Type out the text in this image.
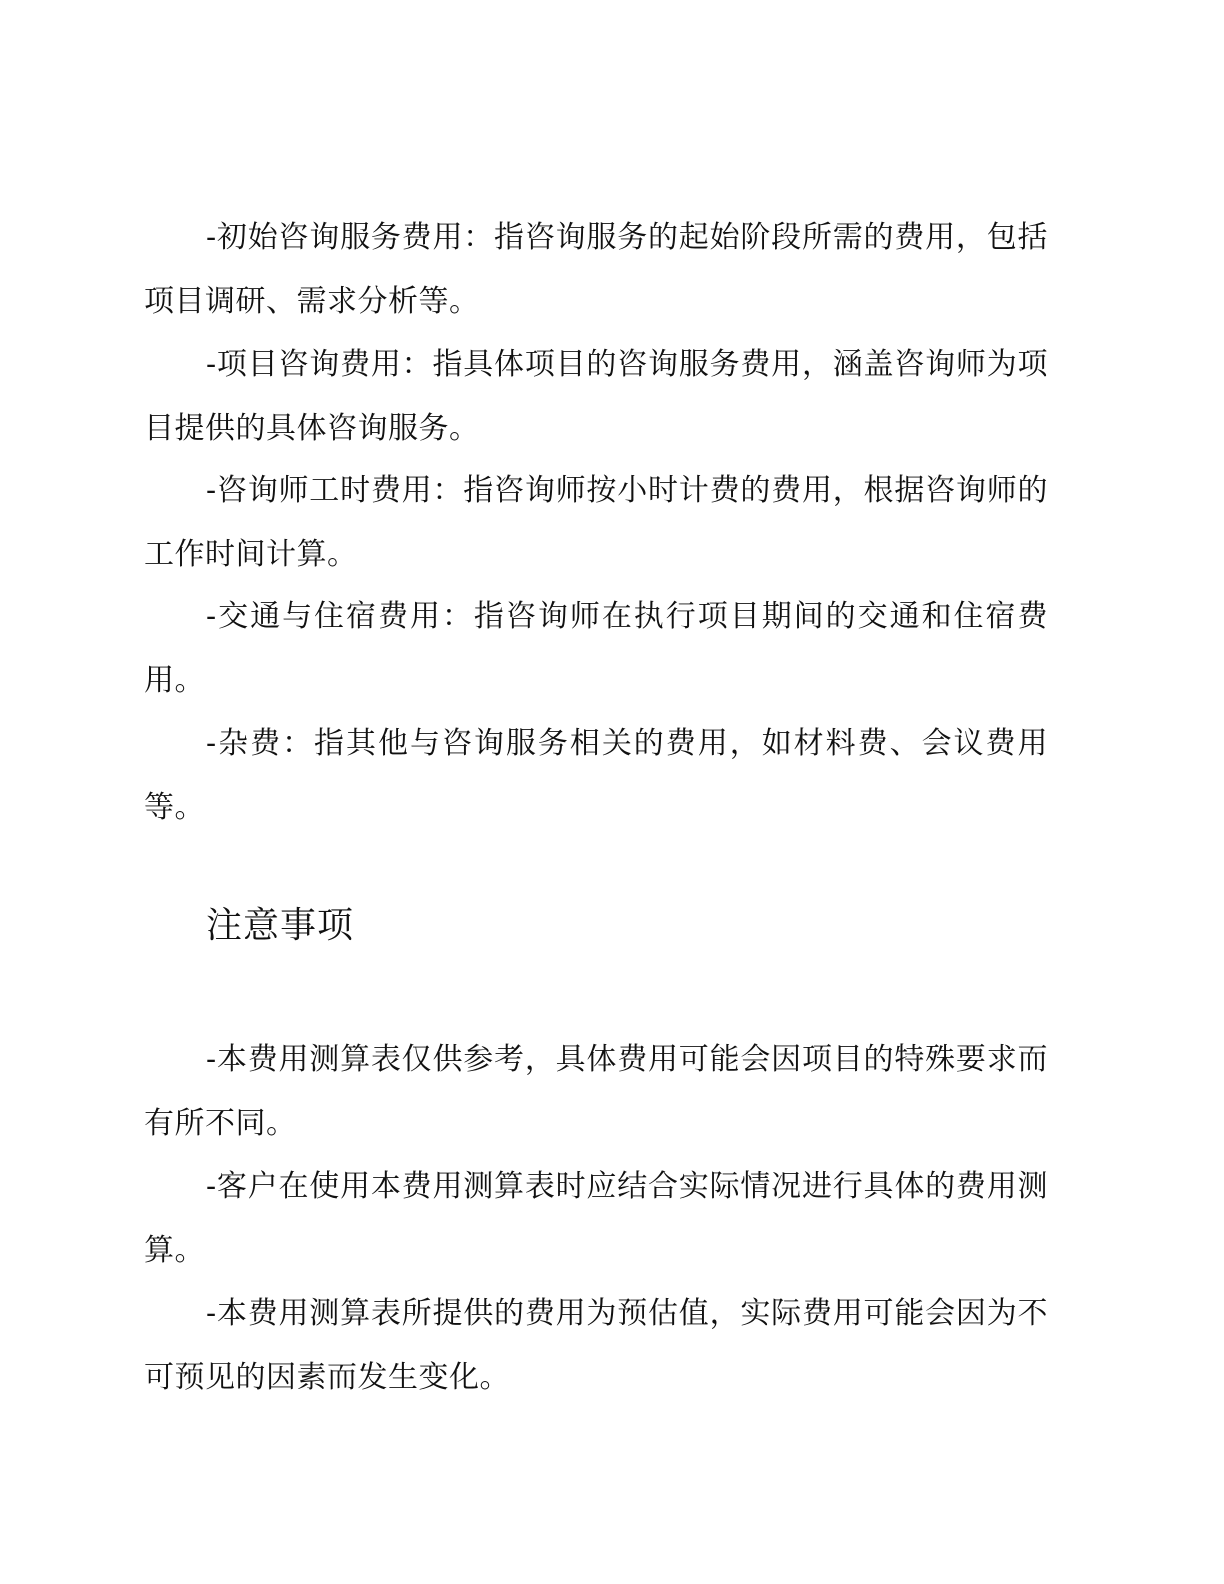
-初始咨询服务费用：指咨询服务的起始阶段所需的费用，包括项目调研、需求分析等。

-项目咨询费用：指具体项目的咨询服务费用，涵盖咨询师为项目提供的具体咨询服务。

-咨询师工时费用：指咨询师按小时计费的费用，根据咨询师的工作时间计算。

-交通与住宿费用：指咨询师在执行项目期间的交通和住宿费用。

-杂费：指其他与咨询服务相关的费用，如材料费、会议费用等。

注意事项

-本费用测算表仅供参考，具体费用可能会因项目的特殊要求而有所不同。

-客户在使用本费用测算表时应结合实际情况进行具体的费用测算。

-本费用测算表所提供的费用为预估值，实际费用可能会因为不可预见的因素而发生变化。
